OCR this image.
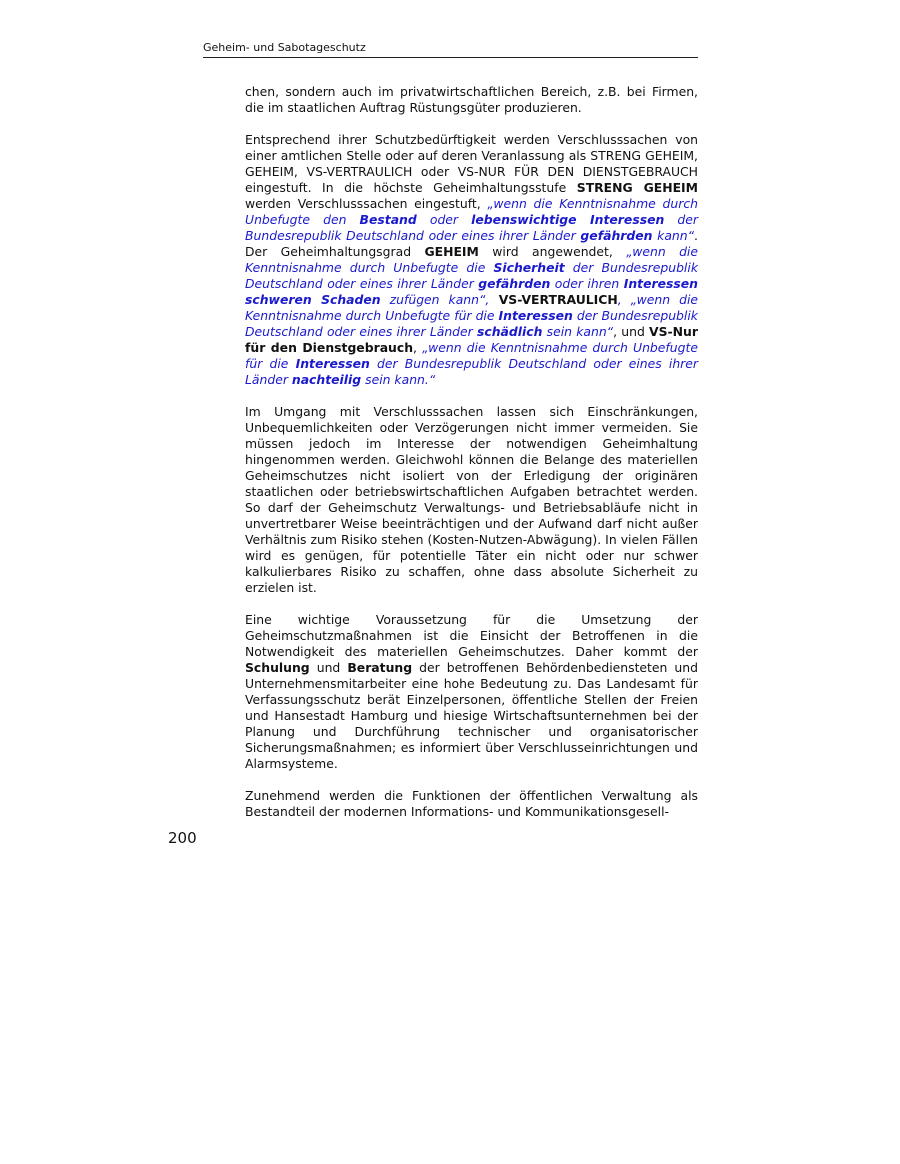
Geheim- und Sabotageschutz

chen, sondern auch im privatwirtschaftlichen Bereich, z.B. bei Firmen, die im staatlichen Auftrag Rüstungsgüter produzieren.

Entsprechend ihrer Schutzbedürftigkeit werden Verschlusssachen von einer amtlichen Stelle oder auf deren Veranlassung als STRENG GEHEIM, GEHEIM, VS-VERTRAULICH oder VS-NUR FÜR DEN DIENSTGEBRAUCH eingestuft. In die höchste Geheimhaltungsstufe STRENG GEHEIM werden Verschlusssachen eingestuft, „wenn die Kenntnisnahme durch Unbefugte den Bestand oder lebenswichtige Interessen der Bundesrepublik Deutschland oder eines ihrer Länder gefährden kann“. Der Geheimhaltungsgrad GEHEIM wird angewendet, „wenn die Kenntnisnahme durch Unbefugte die Sicherheit der Bundesrepublik Deutschland oder eines ihrer Länder gefährden oder ihren Interessen schweren Schaden zufügen kann“, VS-VERTRAULICH, „wenn die Kenntnisnahme durch Unbefugte für die Interessen der Bundesrepublik Deutschland oder eines ihrer Länder schädlich sein kann“, und VS-Nur für den Dienstgebrauch, „wenn die Kenntnisnahme durch Unbefugte für die Interessen der Bundesrepublik Deutschland oder eines ihrer Länder nachteilig sein kann.“

Im Umgang mit Verschlusssachen lassen sich Einschränkungen, Unbequemlichkeiten oder Verzögerungen nicht immer vermeiden. Sie müssen jedoch im Interesse der notwendigen Geheimhaltung hingenommen werden. Gleichwohl können die Belange des materiellen Geheimschutzes nicht isoliert von der Erledigung der originären staatlichen oder betriebswirtschaftlichen Aufgaben betrachtet werden. So darf der Geheimschutz Verwaltungs- und Betriebsabläufe nicht in unvertretbarer Weise beeinträchtigen und der Aufwand darf nicht außer Verhältnis zum Risiko stehen (Kosten-Nutzen-Abwägung). In vielen Fällen wird es genügen, für potentielle Täter ein nicht oder nur schwer kalkulierbares Risiko zu schaffen, ohne dass absolute Sicherheit zu erzielen ist.

Eine wichtige Voraussetzung für die Umsetzung der Geheimschutzmaßnahmen ist die Einsicht der Betroffenen in die Notwendigkeit des materiellen Geheimschutzes. Daher kommt der Schulung und Beratung der betroffenen Behördenbediensteten und Unternehmensmitarbeiter eine hohe Bedeutung zu. Das Landesamt für Verfassungsschutz berät Einzelpersonen, öffentliche Stellen der Freien und Hansestadt Hamburg und hiesige Wirtschaftsunternehmen bei der Planung und Durchführung technischer und organisatorischer Sicherungsmaßnahmen; es informiert über Verschlusseinrichtungen und Alarmsysteme.

Zunehmend werden die Funktionen der öffentlichen Verwaltung als Bestandteil der modernen Informations- und Kommunikationsgesell-

200
